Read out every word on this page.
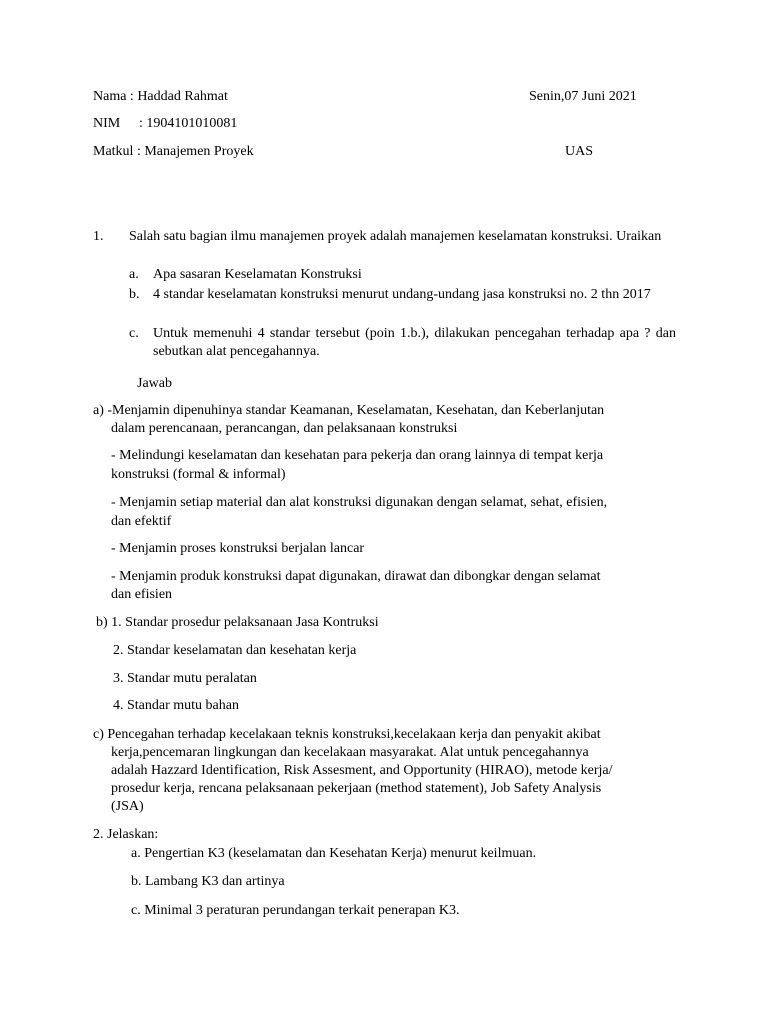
Nama : Haddad Rahmat	Senin,07 Juni 2021
NIM : 1904101010081
Matkul : Manajemen Proyek	UAS
1. Salah satu bagian ilmu manajemen proyek adalah manajemen keselamatan konstruksi. Uraikan
a. Apa sasaran Keselamatan Konstruksi
b. 4 standar keselamatan konstruksi menurut undang-undang jasa konstruksi no. 2 thn 2017
c. Untuk memenuhi 4 standar tersebut (poin 1.b.), dilakukan pencegahan terhadap apa ? dan sebutkan alat pencegahannya.
Jawab
a) -Menjamin dipenuhinya standar Keamanan, Keselamatan, Kesehatan, dan Keberlanjutan
dalam perencanaan, perancangan, dan pelaksanaan konstruksi
- Melindungi keselamatan dan kesehatan para pekerja dan orang lainnya di tempat kerja
konstruksi (formal & informal)
- Menjamin setiap material dan alat konstruksi digunakan dengan selamat, sehat, efisien,
dan efektif
- Menjamin proses konstruksi berjalan lancar
- Menjamin produk konstruksi dapat digunakan, dirawat dan dibongkar dengan selamat
dan efisien
b) 1. Standar prosedur pelaksanaan Jasa Kontruksi
2. Standar keselamatan dan kesehatan kerja
3. Standar mutu peralatan
4. Standar mutu bahan
c) Pencegahan terhadap kecelakaan teknis konstruksi,kecelakaan kerja dan penyakit akibat
kerja,pencemaran lingkungan dan kecelakaan masyarakat. Alat untuk pencegahannya
adalah Hazzard Identification, Risk Assesment, and Opportunity (HIRAO), metode kerja/
prosedur kerja, rencana pelaksanaan pekerjaan (method statement), Job Safety Analysis
(JSA)
2. Jelaskan:
a. Pengertian K3 (keselamatan dan Kesehatan Kerja) menurut keilmuan.
b. Lambang K3 dan artinya
c. Minimal 3 peraturan perundangan terkait penerapan K3.
